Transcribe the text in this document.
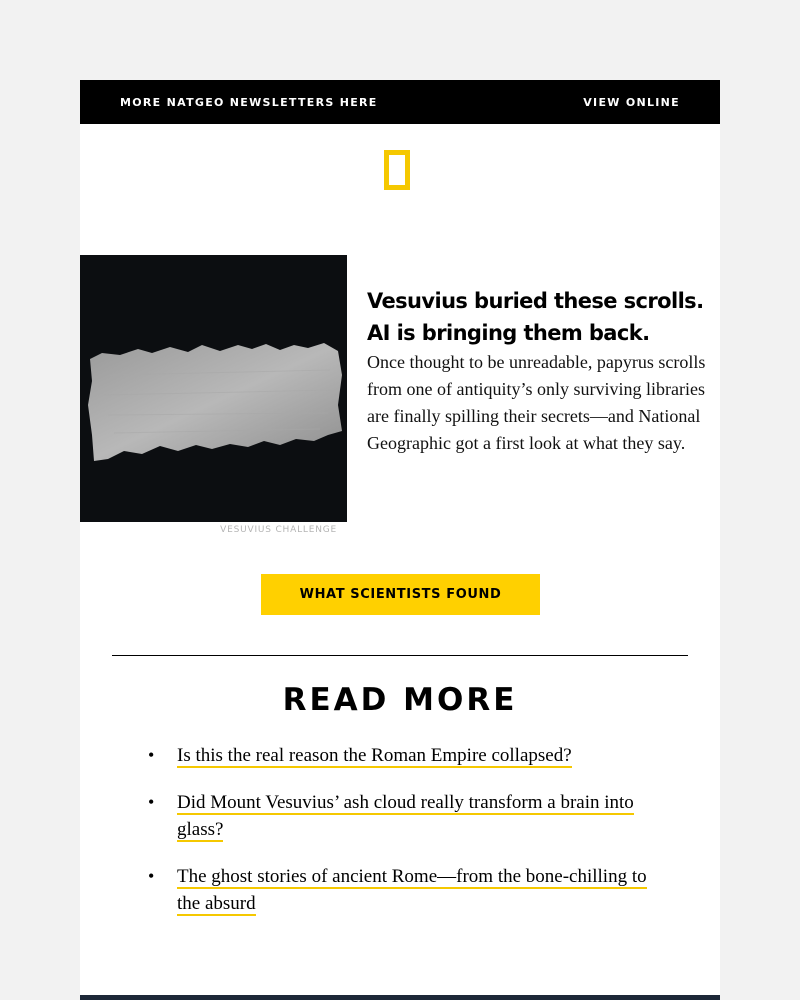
MORE NATGEO NEWSLETTERS HERE	VIEW ONLINE
VESUVIUS CHALLENGE
Vesuvius buried these scrolls. AI is bringing them back.

Once thought to be unreadable, papyrus scrolls from one of antiquity’s only surviving libraries are finally spilling their secrets—and National Geographic got a first look at what they say.

WHAT SCIENTISTS FOUND
READ MORE
• Is this the real reason the Roman Empire collapsed?
• Did Mount Vesuvius’ ash cloud really transform a brain into glass?
• The ghost stories of ancient Rome—from the bone-chilling to the absurd
